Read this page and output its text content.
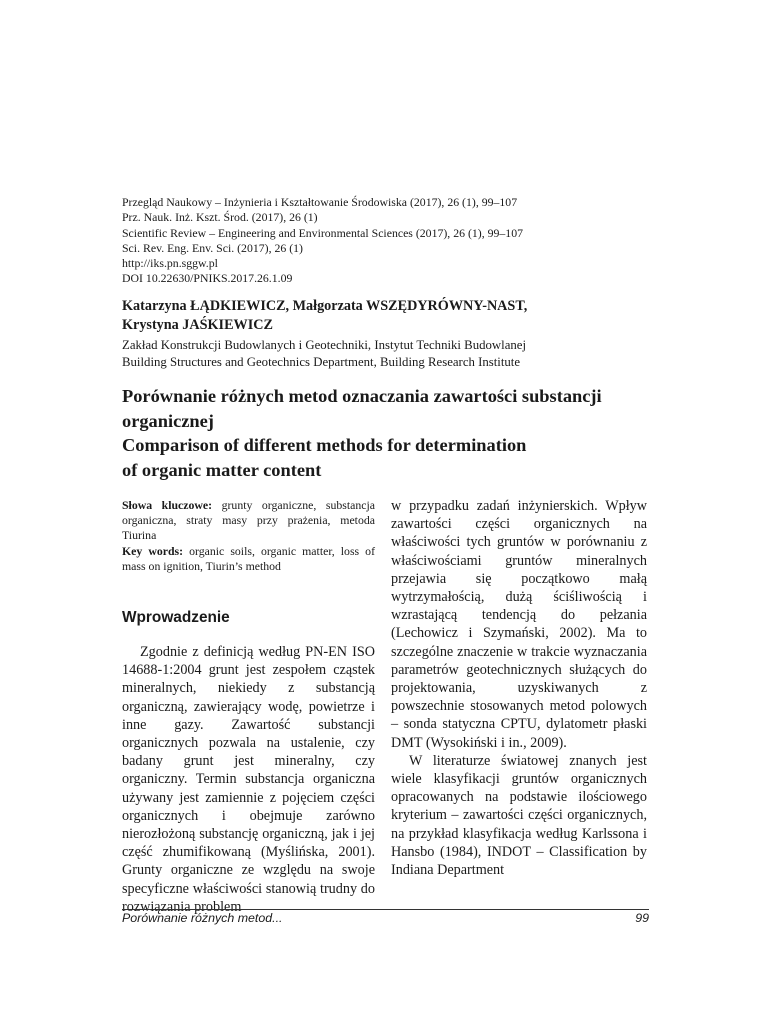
Przegląd Naukowy – Inżynieria i Kształtowanie Środowiska (2017), 26 (1), 99–107
Prz. Nauk. Inż. Kszt. Środ. (2017), 26 (1)
Scientific Review – Engineering and Environmental Sciences (2017), 26 (1), 99–107
Sci. Rev. Eng. Env. Sci. (2017), 26 (1)
http://iks.pn.sggw.pl
DOI 10.22630/PNIKS.2017.26.1.09
Katarzyna ŁĄDKIEWICZ, Małgorzata WSZĘDYRÓWNY-NAST,
Krystyna JAŚKIEWICZ
Zakład Konstrukcji Budowlanych i Geotechniki, Instytut Techniki Budowlanej
Building Structures and Geotechnics Department, Building Research Institute
Porównanie różnych metod oznaczania zawartości substancji
organicznej
Comparison of different methods for determination
of organic matter content

Słowa kluczowe: grunty organiczne, substancja organiczna, straty masy przy prażenia, metoda Tiurina

Key words: organic soils, organic matter, loss of mass on ignition, Tiurin’s method

Wprowadzenie

Zgodnie z definicją według PN-EN ISO 14688-1:2004 grunt jest zespołem cząstek mineralnych, niekiedy z substancją organiczną, zawierający wodę, powietrze i inne gazy. Zawartość substancji organicznych pozwala na ustalenie, czy badany grunt jest mineralny, czy organiczny. Termin substancja organiczna używany jest zamiennie z pojęciem części organicznych i obejmuje zarówno nierozłożoną substancję organiczną, jak i jej część zhumifikowaną (Myślińska, 2001). Grunty organiczne ze względu na swoje specyficzne właściwości stanowią trudny do rozwiązania problem

w przypadku zadań inżynierskich. Wpływ zawartości części organicznych na właściwości tych gruntów w porównaniu z właściwościami gruntów mineralnych przejawia się początkowo małą wytrzymałością, dużą ściśliwością i wzrastającą tendencją do pełzania (Lechowicz i Szymański, 2002). Ma to szczególne znaczenie w trakcie wyznaczania parametrów geotechnicznych służących do projektowania, uzyskiwanych z powszechnie stosowanych metod polowych – sonda statyczna CPTU, dylatometr płaski DMT (Wysokiński i in., 2009).

W literaturze światowej znanych jest wiele klasyfikacji gruntów organicznych opracowanych na podstawie ilościowego kryterium – zawartości części organicznych, na przykład klasyfikacja według Karlssona i Hansbo (1984), INDOT – Classification by Indiana Department

Porównanie różnych metod...	99
